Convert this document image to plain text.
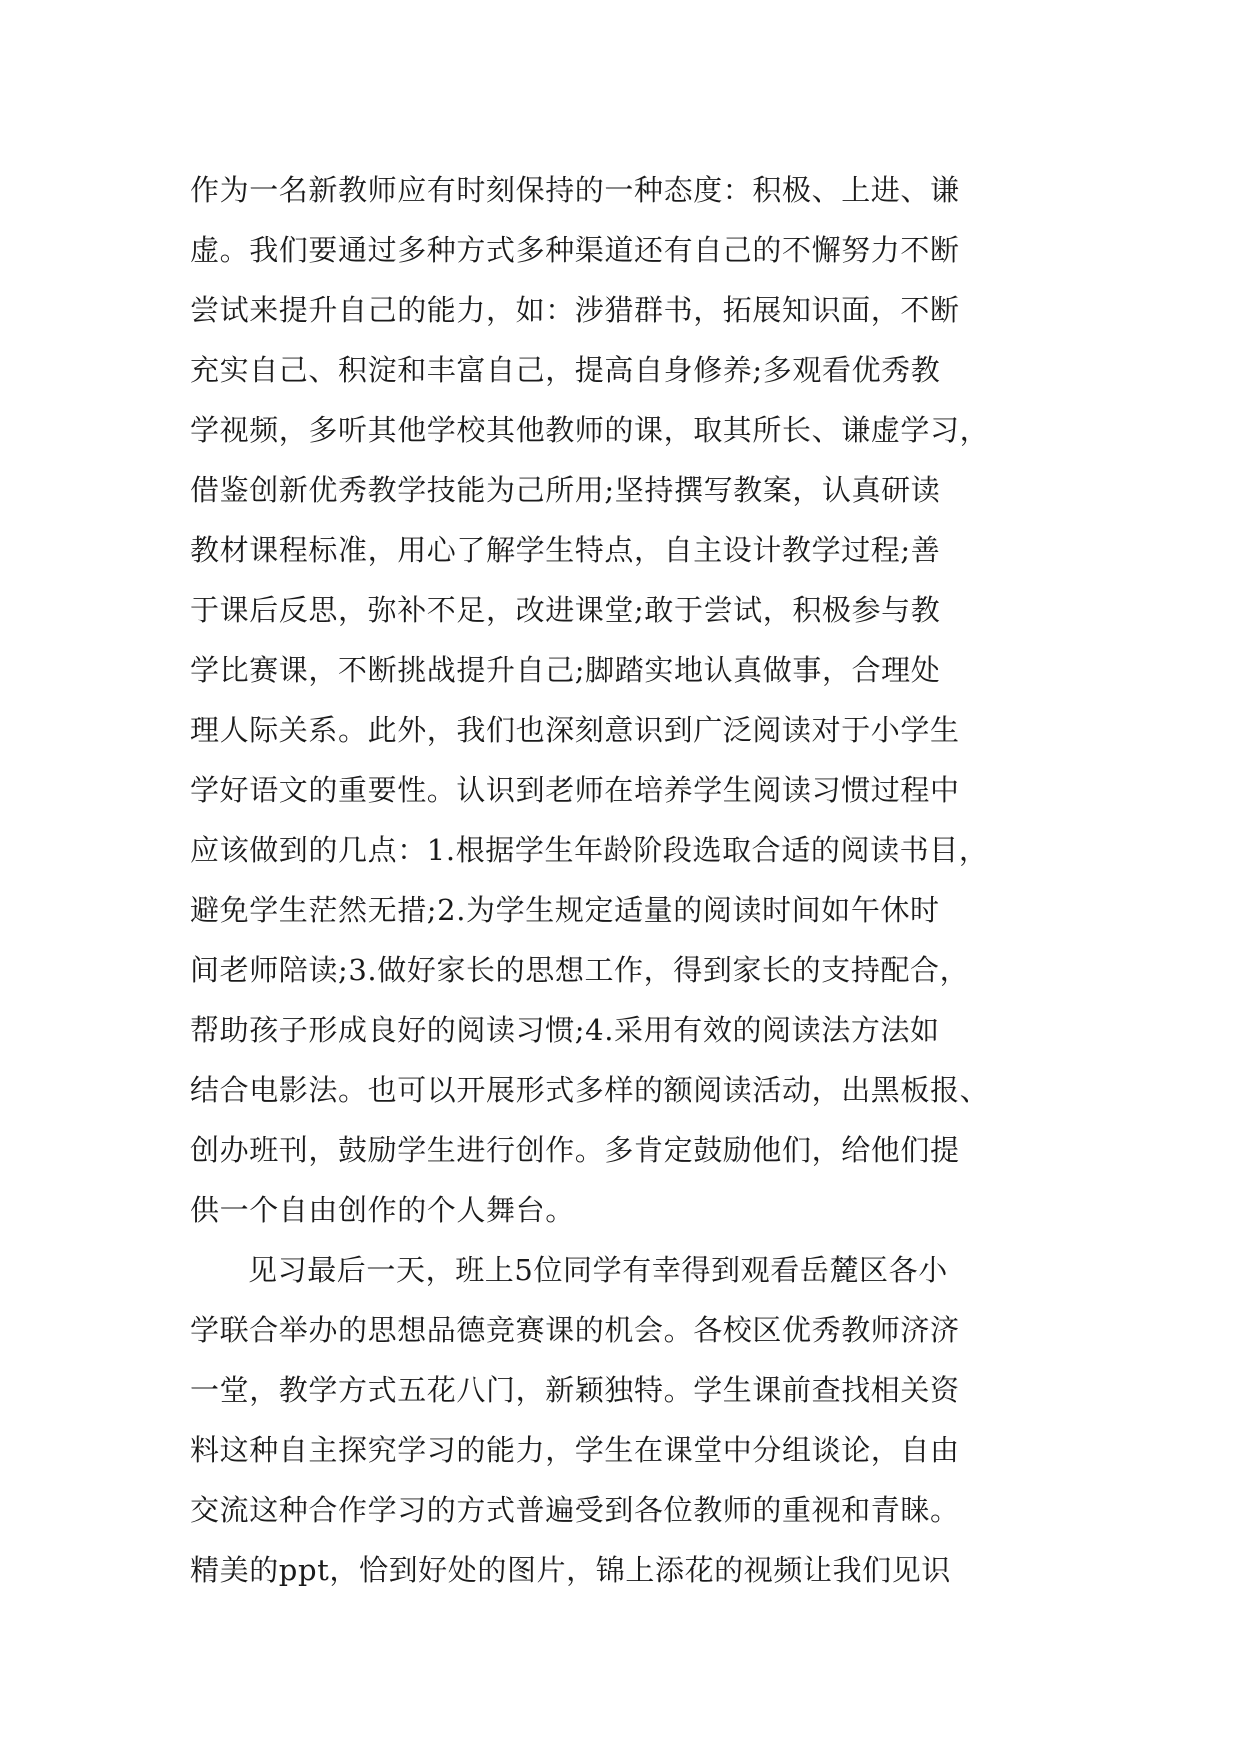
作为一名新教师应有时刻保持的一种态度：积极、上进、谦
虚。我们要通过多种方式多种渠道还有自己的不懈努力不断
尝试来提升自己的能力，如：涉猎群书，拓展知识面，不断
充实自己、积淀和丰富自己，提高自身修养;多观看优秀教
学视频，多听其他学校其他教师的课，取其所长、谦虚学习，
借鉴创新优秀教学技能为己所用;坚持撰写教案，认真研读
教材课程标准，用心了解学生特点，自主设计教学过程;善
于课后反思，弥补不足，改进课堂;敢于尝试，积极参与教
学比赛课，不断挑战提升自己;脚踏实地认真做事，合理处
理人际关系。此外，我们也深刻意识到广泛阅读对于小学生
学好语文的重要性。认识到老师在培养学生阅读习惯过程中
应该做到的几点：1.根据学生年龄阶段选取合适的阅读书目，
避免学生茫然无措;2.为学生规定适量的阅读时间如午休时
间老师陪读;3.做好家长的思想工作，得到家长的支持配合，
帮助孩子形成良好的阅读习惯;4.采用有效的阅读法方法如
结合电影法。也可以开展形式多样的额阅读活动，出黑板报、
创办班刊，鼓励学生进行创作。多肯定鼓励他们，给他们提
供一个自由创作的个人舞台。
见习最后一天，班上5位同学有幸得到观看岳麓区各小
学联合举办的思想品德竞赛课的机会。各校区优秀教师济济
一堂，教学方式五花八门，新颖独特。学生课前查找相关资
料这种自主探究学习的能力，学生在课堂中分组谈论，自由
交流这种合作学习的方式普遍受到各位教师的重视和青睐。
精美的ppt，恰到好处的图片，锦上添花的视频让我们见识
